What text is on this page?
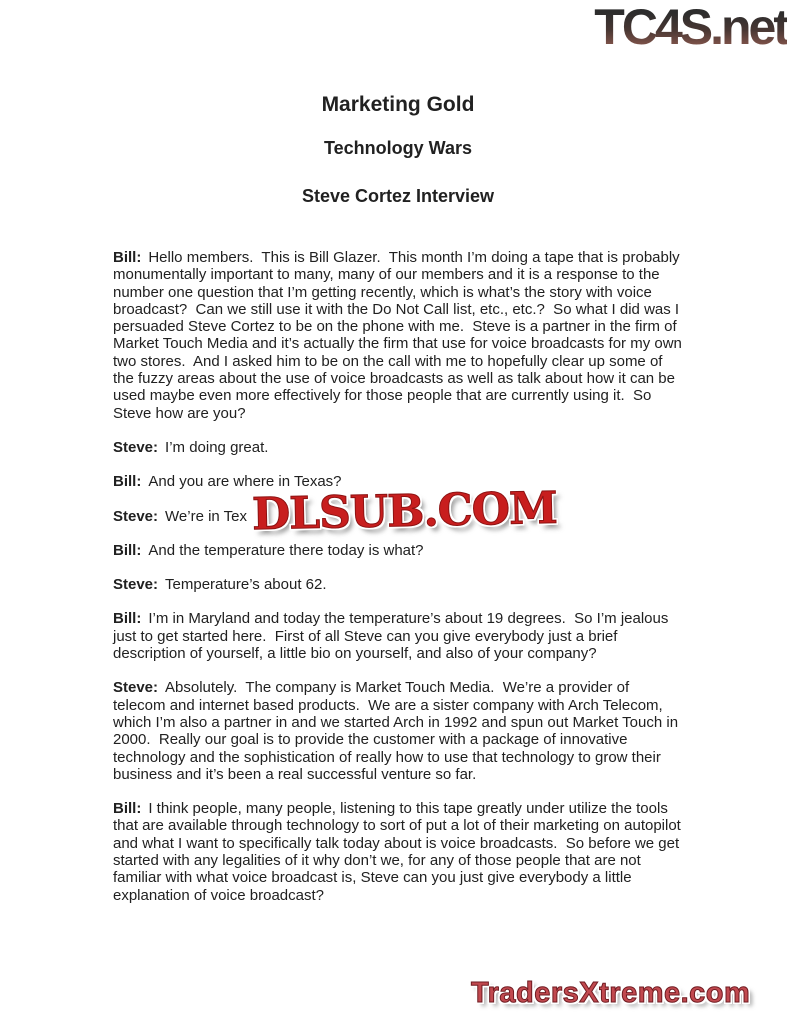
TC4S.net
Marketing Gold
Technology Wars
Steve Cortez Interview

Bill: Hello members.  This is Bill Glazer.  This month I’m doing a tape that is probably monumentally important to many, many of our members and it is a response to the number one question that I’m getting recently, which is what’s the story with voice broadcast?  Can we still use it with the Do Not Call list, etc., etc.?  So what I did was I persuaded Steve Cortez to be on the phone with me.  Steve is a partner in the firm of Market Touch Media and it’s actually the firm that use for voice broadcasts for my own two stores.  And I asked him to be on the call with me to hopefully clear up some of the fuzzy areas about the use of voice broadcasts as well as talk about how it can be used maybe even more effectively for those people that are currently using it.  So Steve how are you?

Steve: I’m doing great.

Bill: And you are where in Texas?

Steve: We’re in Tex

Bill: And the temperature there today is what?

Steve: Temperature’s about 62.

Bill: I’m in Maryland and today the temperature’s about 19 degrees.  So I’m jealous just to get started here.  First of all Steve can you give everybody just a brief description of yourself, a little bio on yourself, and also of your company?

Steve: Absolutely.  The company is Market Touch Media.  We’re a provider of telecom and internet based products.  We are a sister company with Arch Telecom, which I’m also a partner in and we started Arch in 1992 and spun out Market Touch in 2000.  Really our goal is to provide the customer with a package of innovative technology and the sophistication of really how to use that technology to grow their business and it’s been a real successful venture so far.

Bill: I think people, many people, listening to this tape greatly under utilize the tools that are available through technology to sort of put a lot of their marketing on autopilot and what I want to specifically talk today about is voice broadcasts.  So before we get started with any legalities of it why don’t we, for any of those people that are not familiar with what voice broadcast is, Steve can you just give everybody a little explanation of voice broadcast?

DLSUB.COM
TradersXtreme.com
